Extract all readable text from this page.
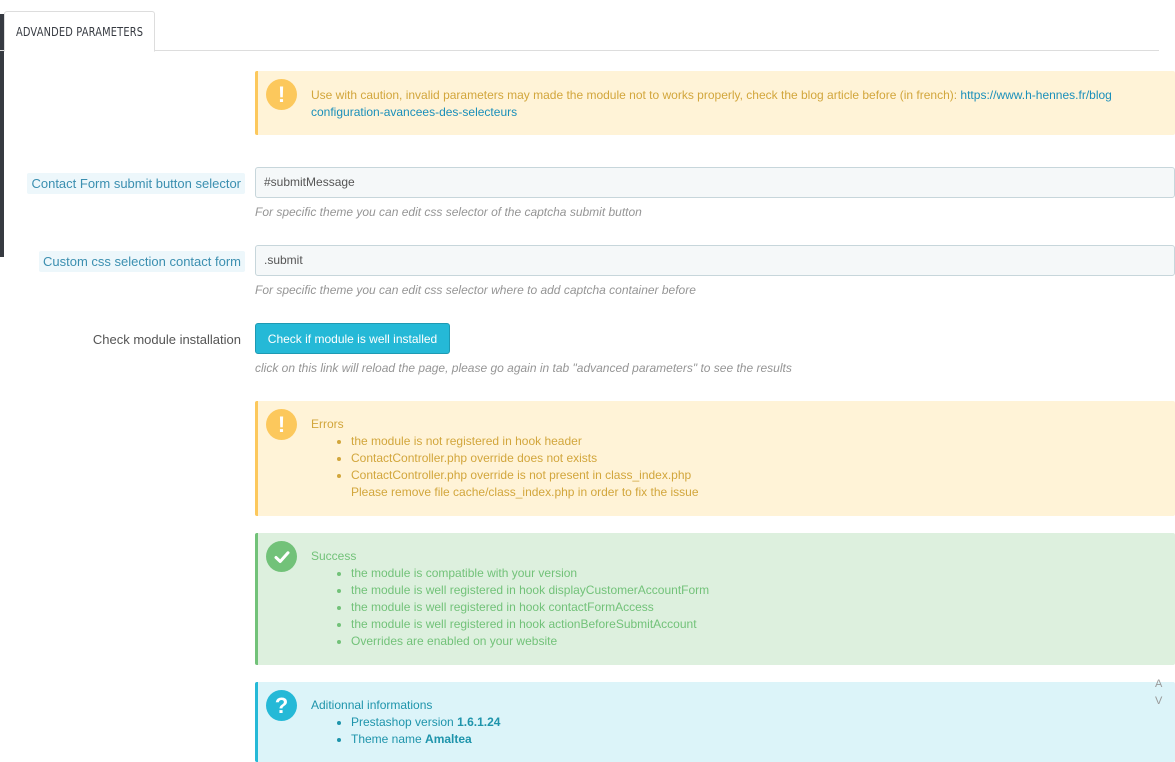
ADVANDED PARAMETERS
!	Use with caution, invalid parameters may made the module not to works properly, check the blog article before (in french): https://www.h-hennes.fr/blog
configuration-avancees-des-selecteurs
Contact Form submit button selector	#submitMessage
For specific theme you can edit css selector of the captcha submit button
Custom css selection contact form	.submit
For specific theme you can edit css selector where to add captcha container before
Check module installation	Check if module is well installed
click on this link will reload the page, please go again in tab "advanced parameters" to see the results
!	Errors
• the module is not registered in hook header
• ContactController.php override does not exists
• ContactController.php override is not present in class_index.php
Please remove file cache/class_index.php in order to fix the issue
Success
• the module is compatible with your version
• the module is well registered in hook displayCustomerAccountForm
• the module is well registered in hook contactFormAccess
• the module is well registered in hook actionBeforeSubmitAccount
• Overrides are enabled on your website
?	Aditionnal informations
• Prestashop version 1.6.1.24
• Theme name Amaltea
A
V
